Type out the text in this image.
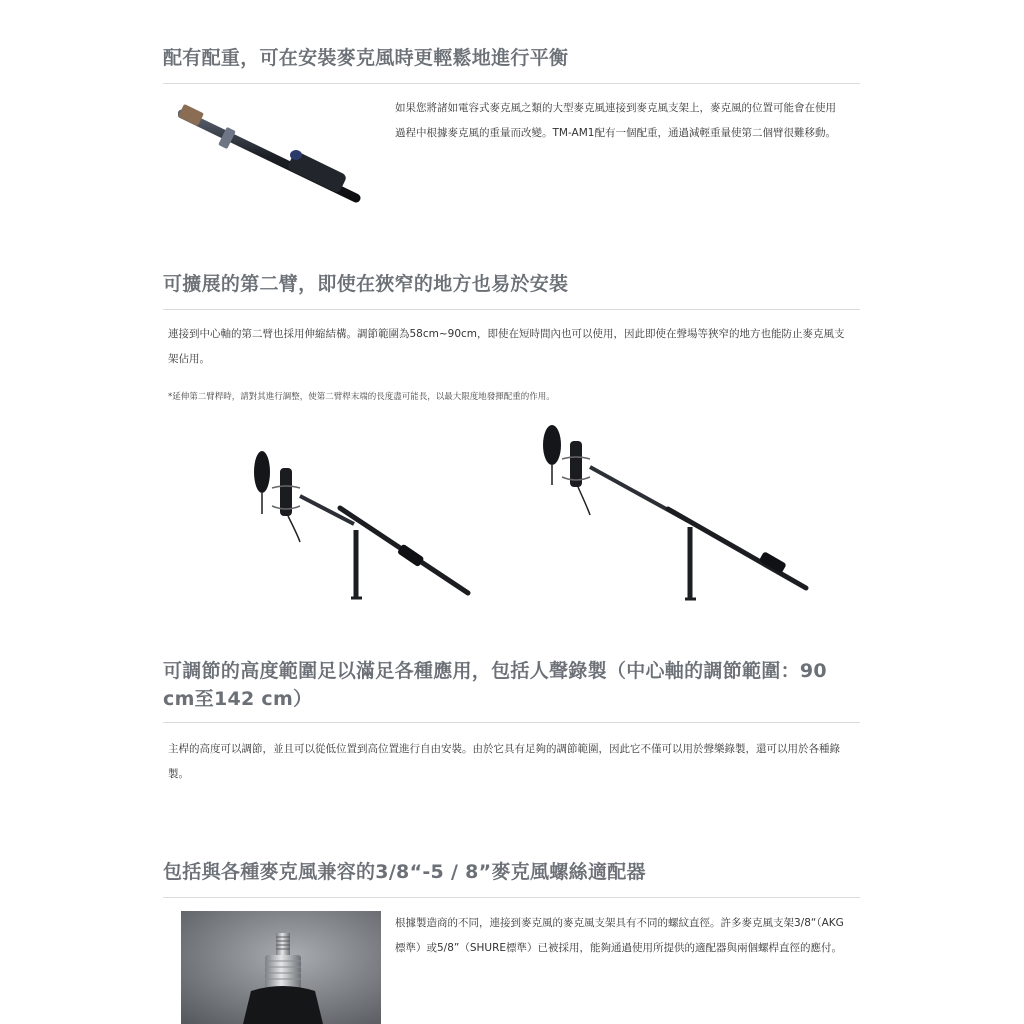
配有配重，可在安裝麥克風時更輕鬆地進行平衡

如果您將諸如電容式麥克風之類的大型麥克風連接到麥克風支架上，麥克風的位置可能會在使用過程中根據麥克風的重量而改變。TM-AM1配有一個配重，通過減輕重量使第二個臂很難移動。

可擴展的第二臂，即使在狹窄的地方也易於安裝

連接到中心軸的第二臂也採用伸縮結構。調節範圍為58cm~90cm，即使在短時間內也可以使用，因此即使在聲場等狹窄的地方也能防止麥克風支架佔用。

*延伸第二臂桿時，請對其進行調整，使第二臂桿末端的長度盡可能長，以最大限度地發揮配重的作用。

可調節的高度範圍足以滿足各種應用，包括人聲錄製（中心軸的調節範圍：90 cm至142 cm）

主桿的高度可以調節，並且可以從低位置到高位置進行自由安裝。由於它具有足夠的調節範圍，因此它不僅可以用於聲樂錄製，還可以用於各種錄製。

包括與各種麥克風兼容的3/8“-5 / 8”麥克風螺絲適配器

根據製造商的不同，連接到麥克風的麥克風支架具有不同的螺紋直徑。許多麥克風支架3/8“（AKG標準）或5/8”（SHURE標準）已被採用，能夠通過使用所提供的適配器與兩個螺桿直徑的應付。
